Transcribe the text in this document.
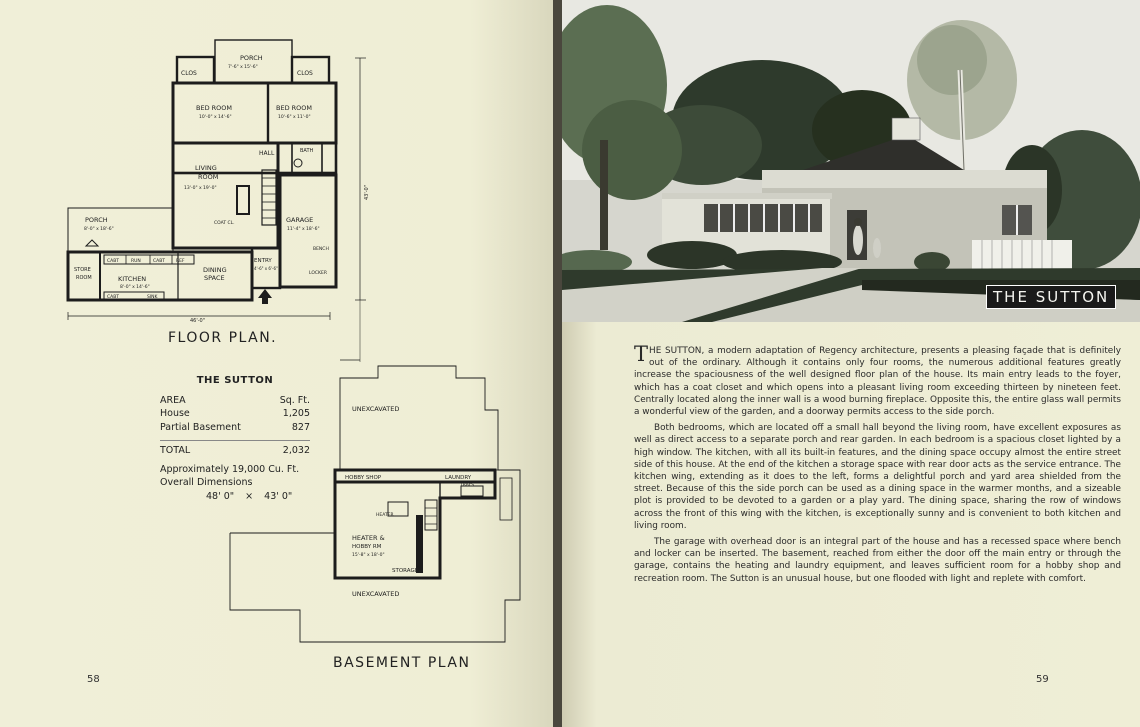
PORCH
7'-6" x 15'-6"
CLOS	CLOS
BED ROOM
10'-0" x 14'-6"
BED ROOM
10'-6" x 11'-0"
HALL	BATH
LIVING
ROOM
13'-0" x 19'-0"
COAT CL.	GARAGE
11'-4" x 18'-6"
BENCH
LOCKER
ENTRY
4'-6" x 6'-6"
PORCH
8'-0" x 18'-6"
STORE
ROOM	KITCHEN
8'-0" x 14'-6"
DINING
SPACE
CABT	RUN	CABT REF
CABT	SINK
46'-0"
43'-0"
UNEXCAVATED
UNEXCAVATED
HOBBY SHOP	LAUNDRY
TRAYS
HEATER
HEATER &
HOBBY RM
15'-8" x 18'-0"
STORAGE
FLOOR PLAN.
THE SUTTON
AREA	Sq. Ft.
House	1,205
Partial Basement	827
TOTAL	2,032
Approximately 19,000 Cu. Ft.
Overall Dimensions
48' 0" × 43' 0"
BASEMENT PLAN
58
THE SUTTON

THE SUTTON, a modern adaptation of Regency architecture, presents a pleasing façade that is definitely out of the ordinary. Although it contains only four rooms, the numerous additional features greatly increase the spaciousness of the well designed floor plan of the house. Its main entry leads to the foyer, which has a coat closet and which opens into a pleasant living room exceeding thirteen by nineteen feet. Centrally located along the inner wall is a wood burning fireplace. Opposite this, the entire glass wall permits a wonderful view of the garden, and a doorway permits access to the side porch.

Both bedrooms, which are located off a small hall beyond the living room, have excellent exposures as well as direct access to a separate porch and rear garden. In each bedroom is a spacious closet lighted by a high window. The kitchen, with all its built-in features, and the dining space occupy almost the entire street side of this house. At the end of the kitchen a storage space with rear door acts as the service entrance. The kitchen wing, extending as it does to the left, forms a delightful porch and yard area shielded from the street. Because of this the side porch can be used as a dining space in the warmer months, and a sizeable plot is provided to be devoted to a garden or a play yard. The dining space, sharing the row of windows across the front of this wing with the kitchen, is exceptionally sunny and is convenient to both kitchen and living room.

The garage with overhead door is an integral part of the house and has a recessed space where bench and locker can be inserted. The basement, reached from either the door off the main entry or through the garage, contains the heating and laundry equipment, and leaves sufficient room for a hobby shop and recreation room. The Sutton is an unusual house, but one flooded with light and replete with comfort.

59
